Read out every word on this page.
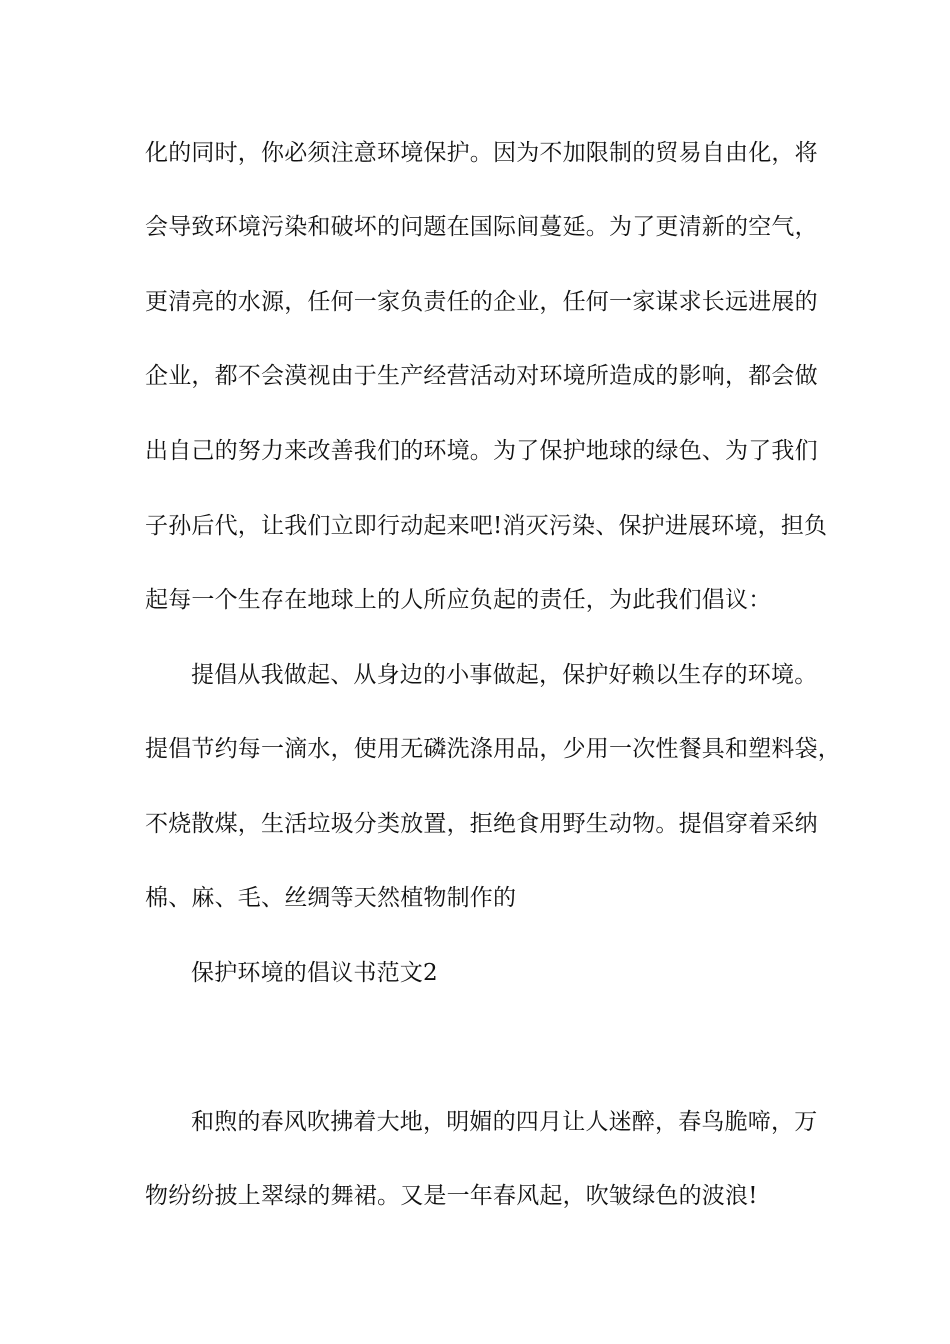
化的同时，你必须注意环境保护。因为不加限制的贸易自由化，将
会导致环境污染和破坏的问题在国际间蔓延。为了更清新的空气，
更清亮的水源，任何一家负责任的企业，任何一家谋求长远进展的
企业，都不会漠视由于生产经营活动对环境所造成的影响，都会做
出自己的努力来改善我们的环境。为了保护地球的绿色、为了我们
子孙后代，让我们立即行动起来吧!消灭污染、保护进展环境，担负
起每一个生存在地球上的人所应负起的责任，为此我们倡议：
提倡从我做起、从身边的小事做起，保护好赖以生存的环境。
提倡节约每一滴水，使用无磷洗涤用品，少用一次性餐具和塑料袋，
不烧散煤，生活垃圾分类放置，拒绝食用野生动物。提倡穿着采纳
棉、麻、毛、丝绸等天然植物制作的
保护环境的倡议书范文2
和煦的春风吹拂着大地，明媚的四月让人迷醉，春鸟脆啼，万
物纷纷披上翠绿的舞裙。又是一年春风起，吹皱绿色的波浪!
